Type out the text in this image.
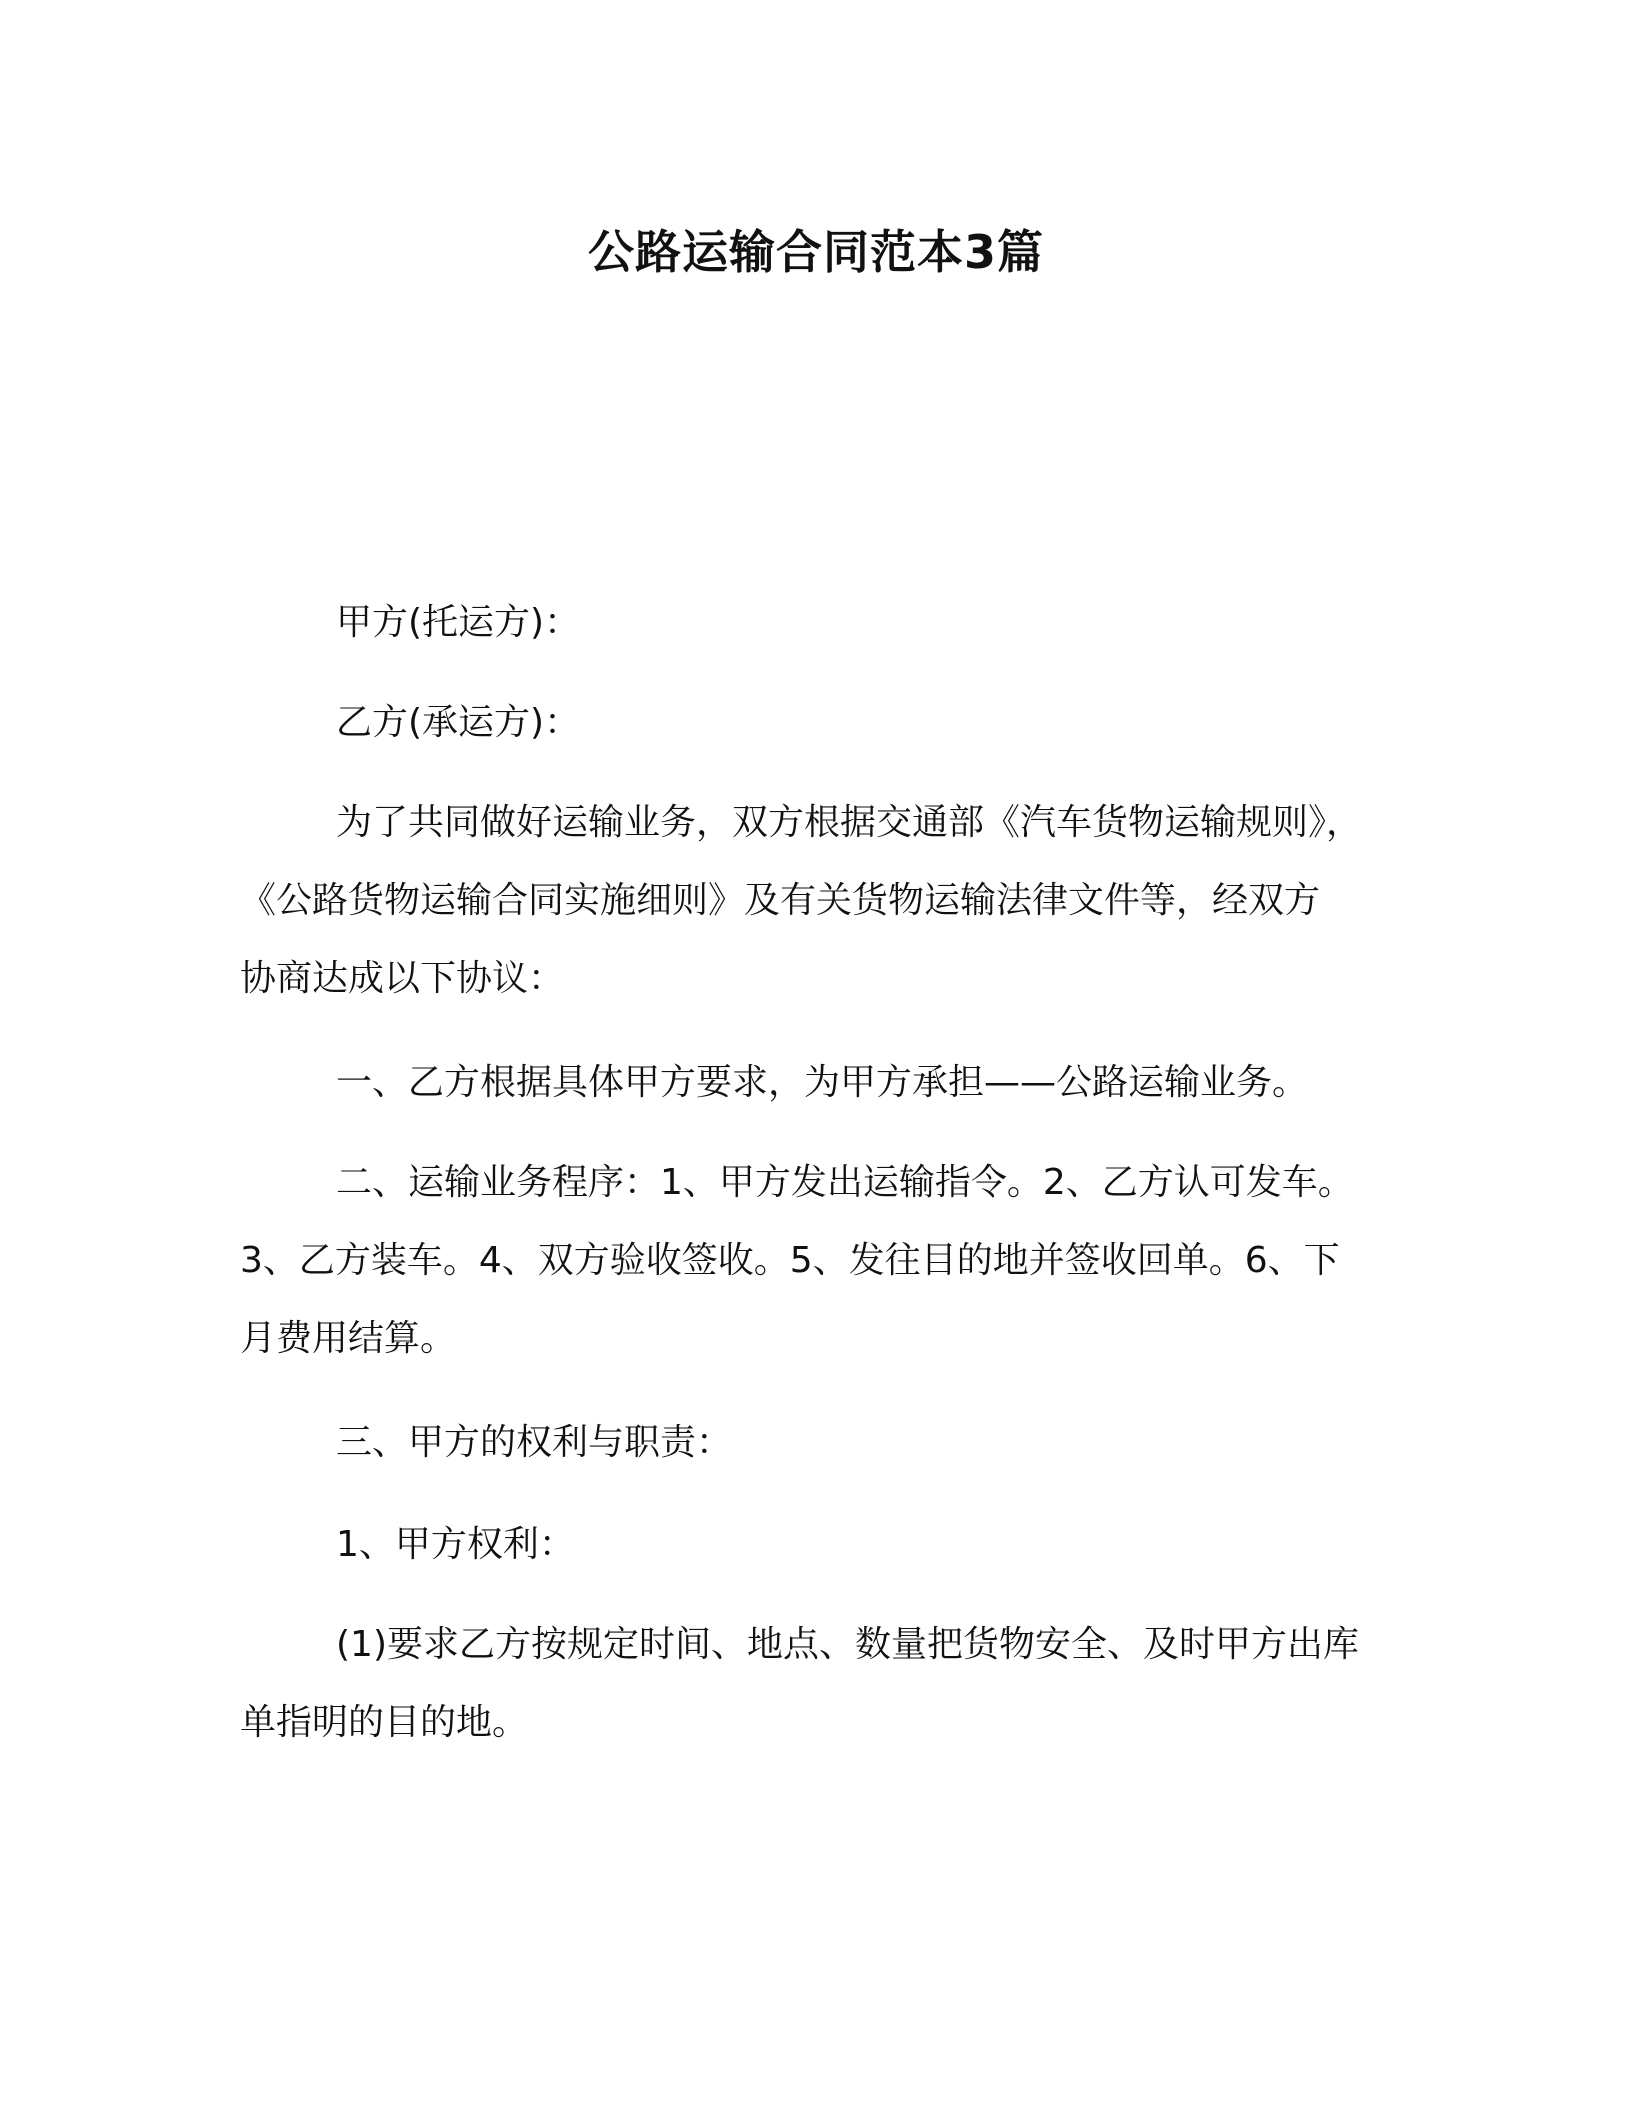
公路运输合同范本3篇
甲方(托运方)：
乙方(承运方)：
为了共同做好运输业务，双方根据交通部《汽车货物运输规则》，
《公路货物运输合同实施细则》及有关货物运输法律文件等，经双方
协商达成以下协议：
一、乙方根据具体甲方要求，为甲方承担——公路运输业务。
二、运输业务程序：1、甲方发出运输指令。2、乙方认可发车。
3、乙方装车。4、双方验收签收。5、发往目的地并签收回单。6、下
月费用结算。
三、甲方的权利与职责：
1、甲方权利：
(1)要求乙方按规定时间、地点、数量把货物安全、及时甲方出库
单指明的目的地。
